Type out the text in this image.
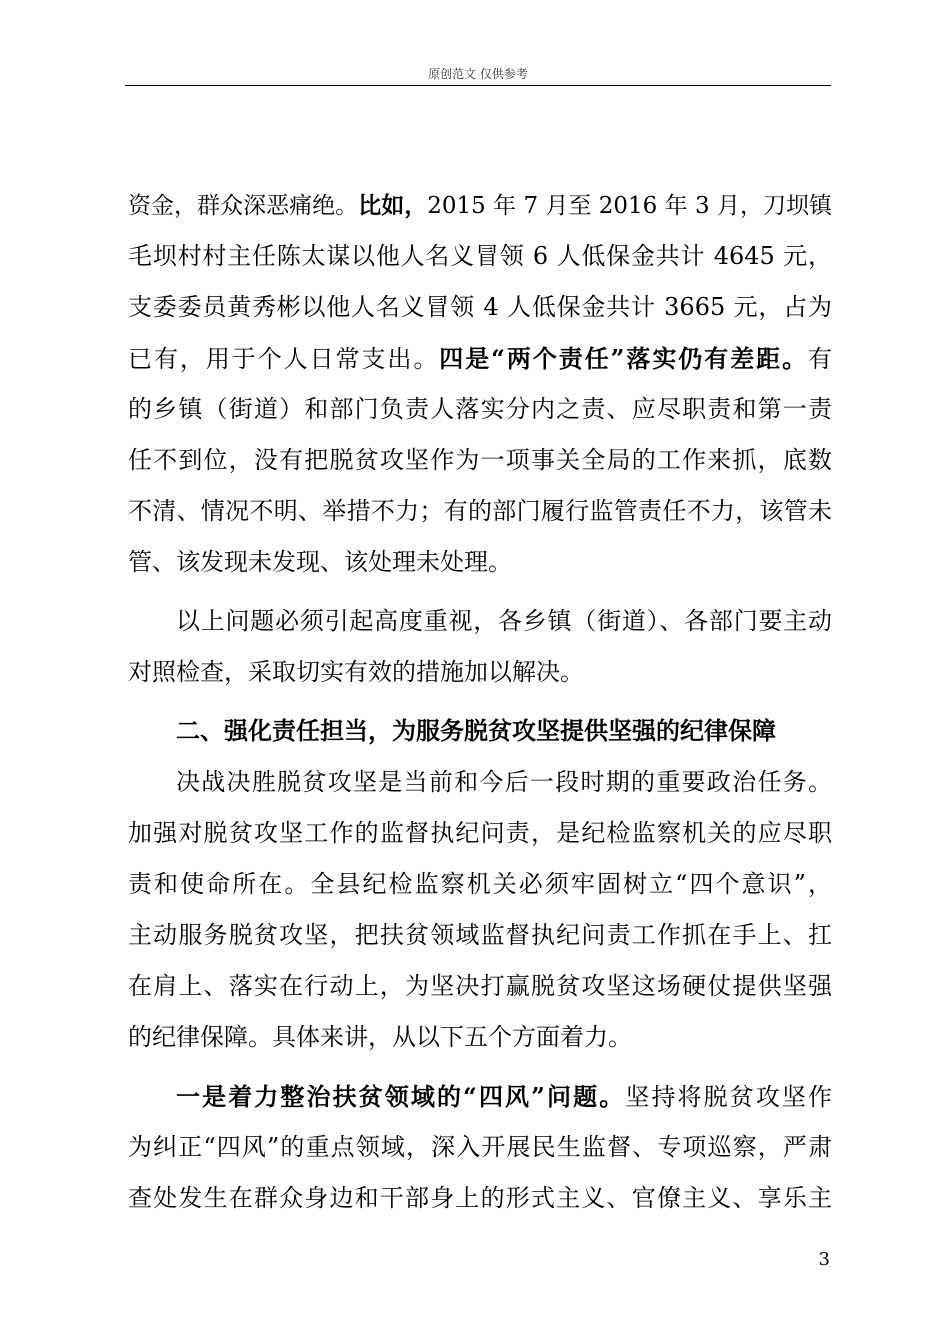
原创范文 仅供参考
资金，群众深恶痛绝。比如，2015 年 7 月至 2016 年 3 月，刀坝镇
毛坝村村主任陈太谋以他人名义冒领 6 人低保金共计 4645 元，
支委委员黄秀彬以他人名义冒领 4 人低保金共计 3665 元，占为
已有，用于个人日常支出。四是“两个责任”落实仍有差距。有
的乡镇（街道）和部门负责人落实分内之责、应尽职责和第一责
任不到位，没有把脱贫攻坚作为一项事关全局的工作来抓，底数
不清、情况不明、举措不力；有的部门履行监管责任不力，该管未
管、该发现未发现、该处理未处理。
以上问题必须引起高度重视，各乡镇（街道）、各部门要主动
对照检查，采取切实有效的措施加以解决。
二、强化责任担当，为服务脱贫攻坚提供坚强的纪律保障
决战决胜脱贫攻坚是当前和今后一段时期的重要政治任务。
加强对脱贫攻坚工作的监督执纪问责，是纪检监察机关的应尽职
责和使命所在。全县纪检监察机关必须牢固树立“四个意识”，
主动服务脱贫攻坚，把扶贫领域监督执纪问责工作抓在手上、扛
在肩上、落实在行动上，为坚决打赢脱贫攻坚这场硬仗提供坚强
的纪律保障。具体来讲，从以下五个方面着力。
一是着力整治扶贫领域的“四风”问题。坚持将脱贫攻坚作
为纠正“四风”的重点领域，深入开展民生监督、专项巡察，严肃
查处发生在群众身边和干部身上的形式主义、官僚主义、享乐主
3
